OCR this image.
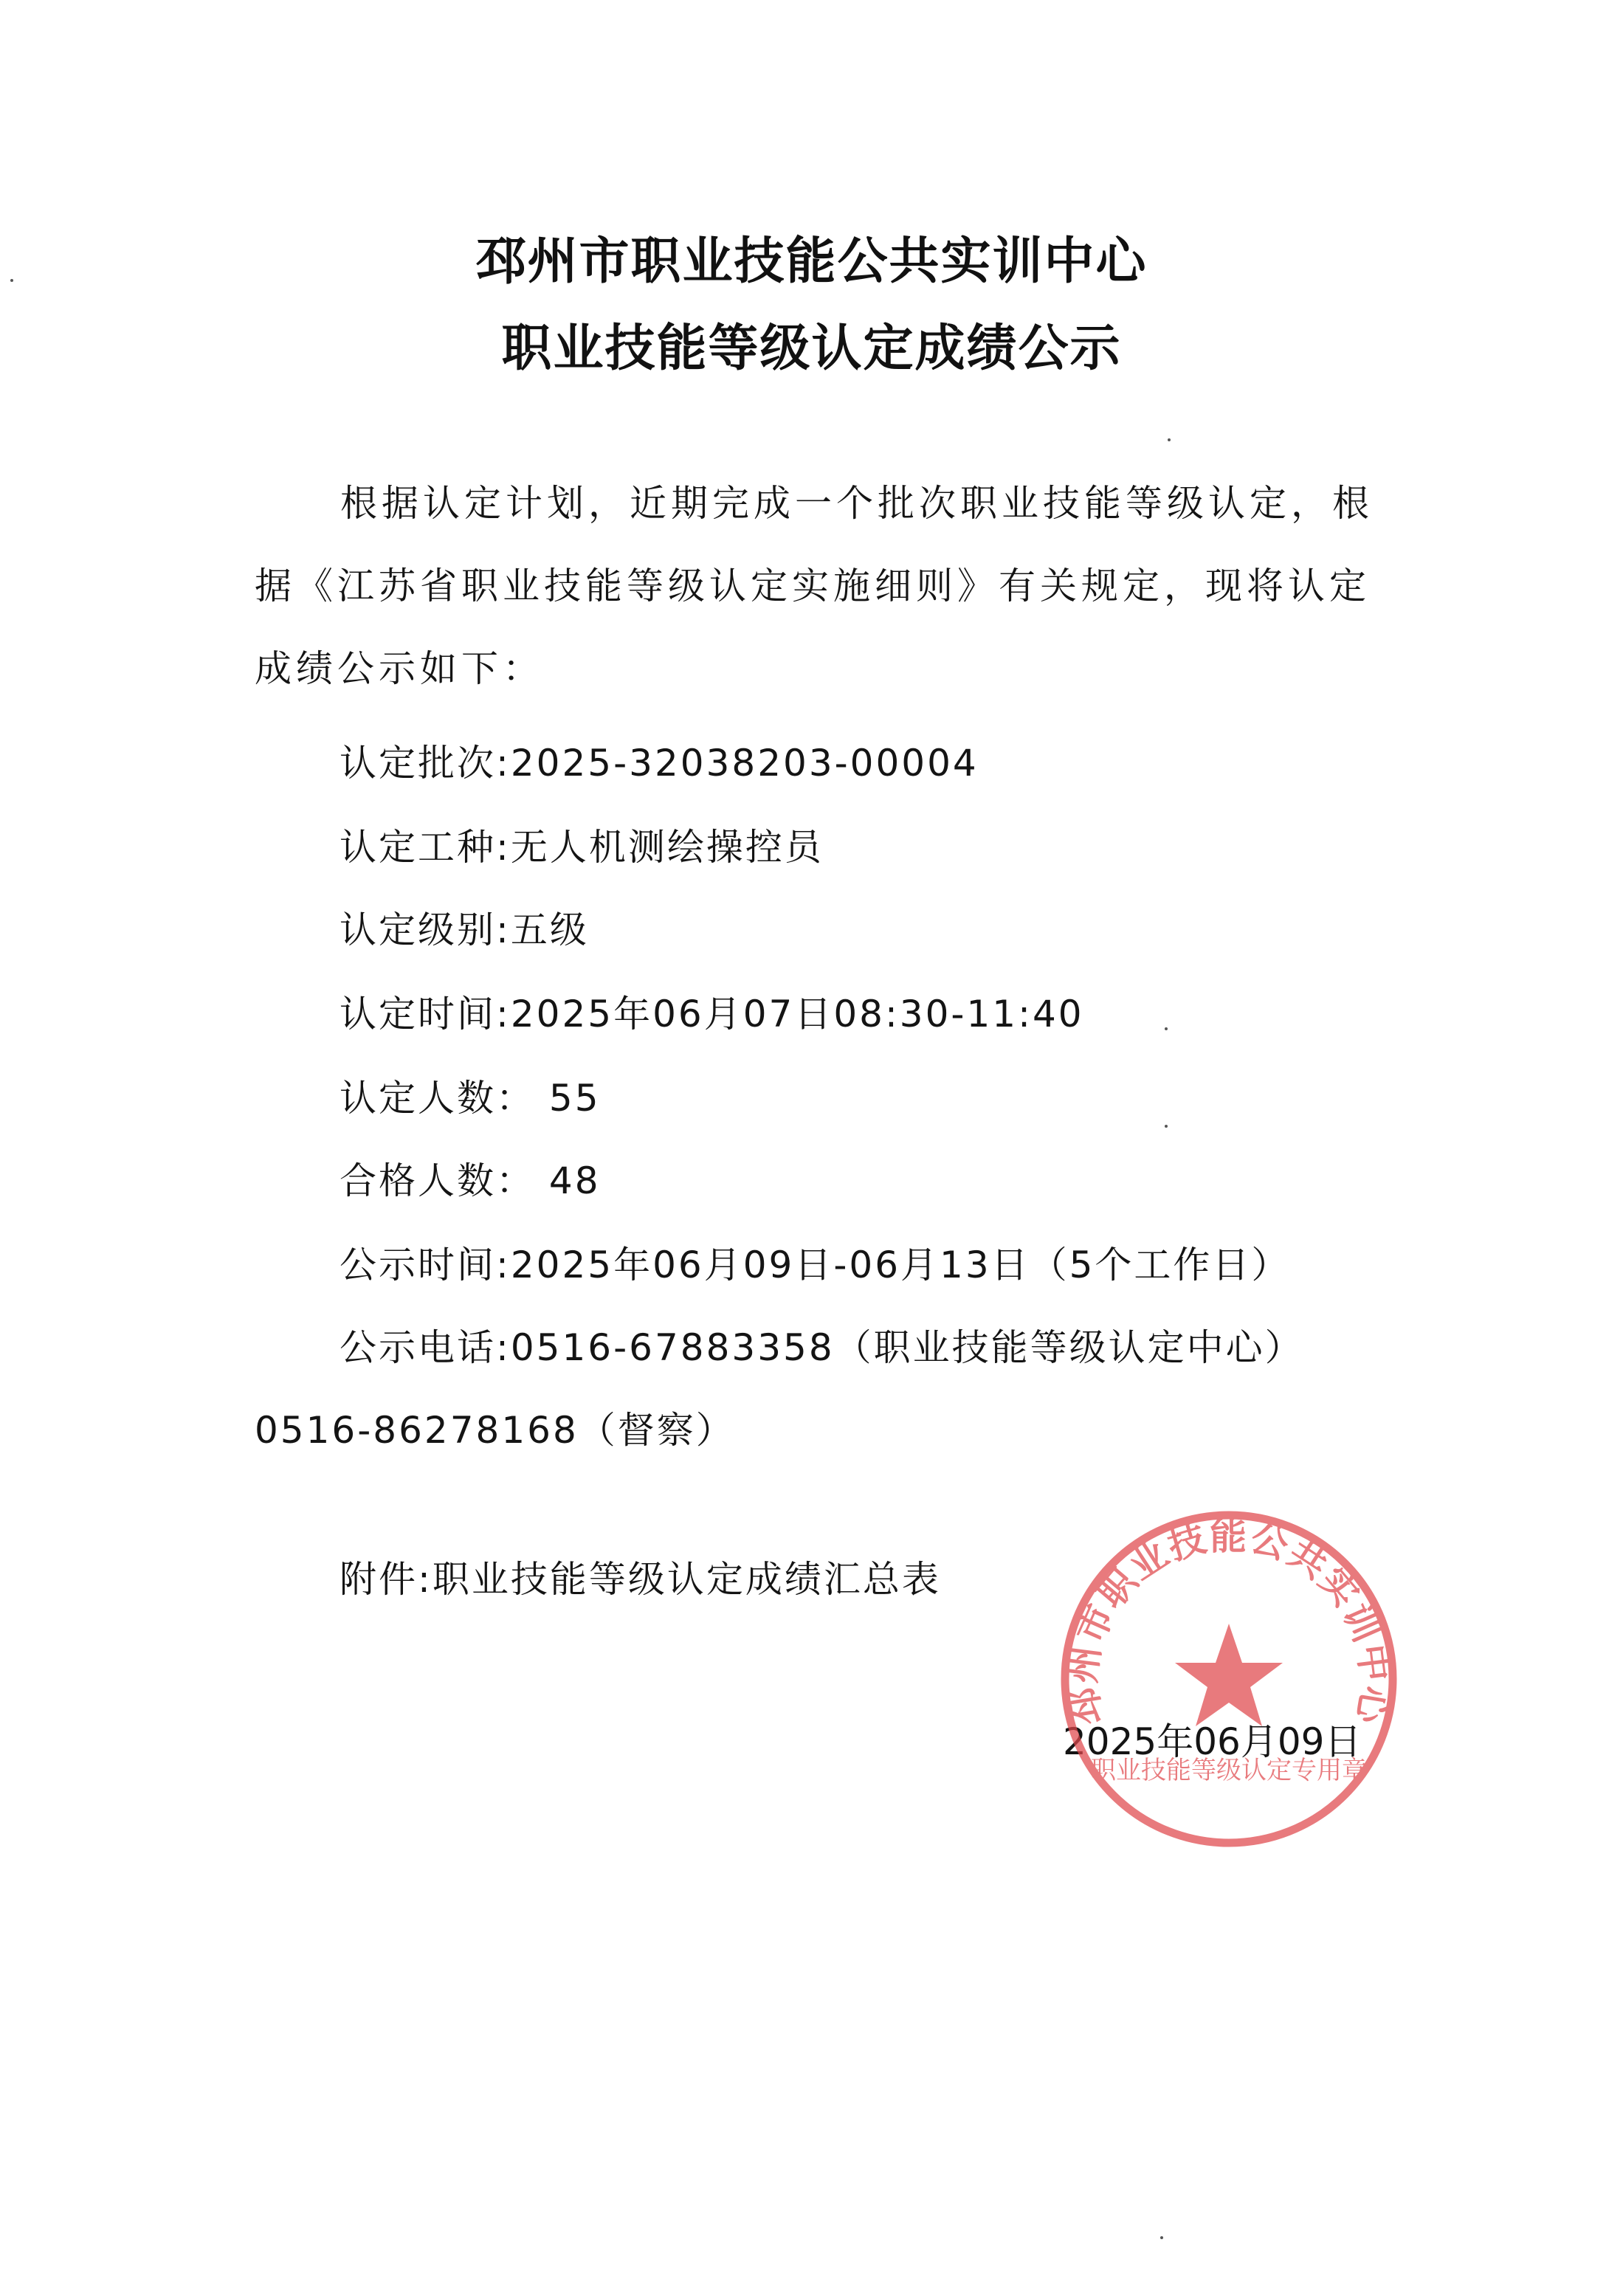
邳州市职业技能公共实训中心
职业技能等级认定成绩公示
根据认定计划，近期完成一个批次职业技能等级认定，根据《江苏省职业技能等级认定实施细则》有关规定，现将认定成绩公示如下：
认定批次:2025-32038203-00004
认定工种:无人机测绘操控员
认定级别:五级
认定时间:2025年06月07日08:30-11:40
认定人数： 55
合格人数： 48
公示时间:2025年06月09日-06月13日（5个工作日）
公示电话:0516-67883358（职业技能等级认定中心）
0516-86278168（督察）
附件:职业技能等级认定成绩汇总表
2025年06月09日
邳州市职业技能公共实训中心
职业技能等级认定专用章
